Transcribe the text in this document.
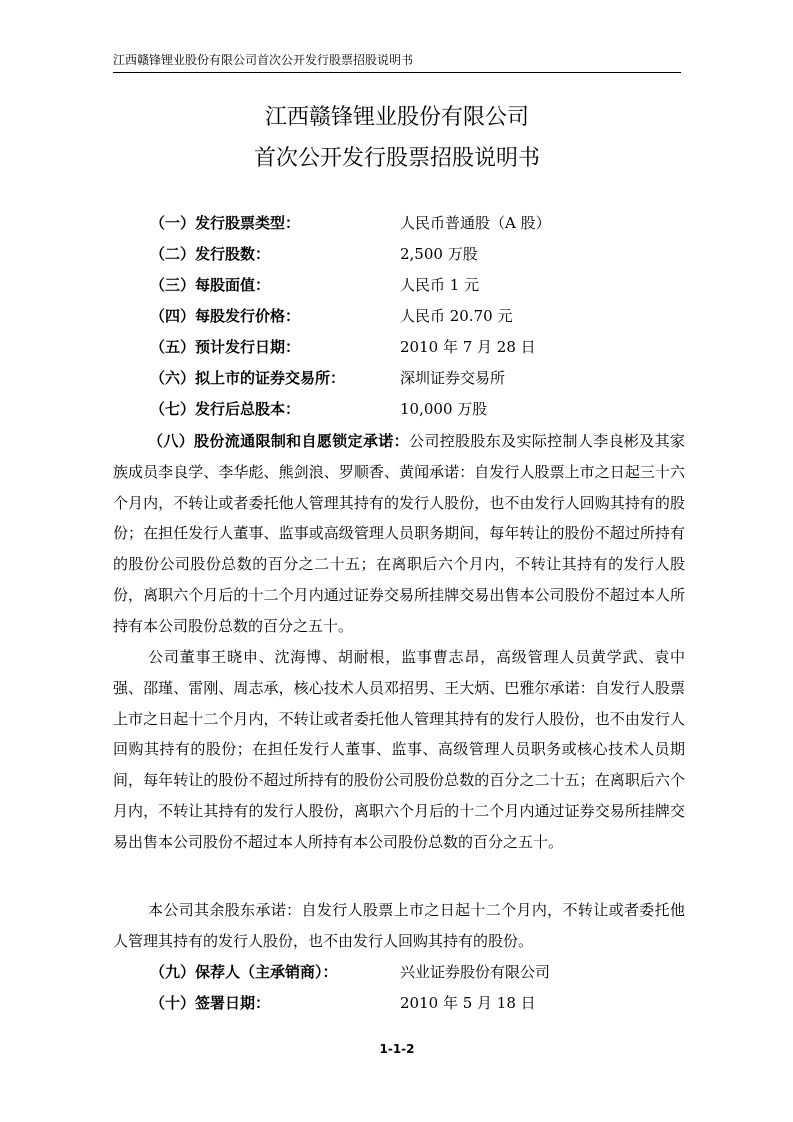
江西赣锋锂业股份有限公司首次公开发行股票招股说明书
江西赣锋锂业股份有限公司
首次公开发行股票招股说明书
（一）发行股票类型：	人民币普通股（A 股）
（二）发行股数：	2,500 万股
（三）每股面值：	人民币 1 元
（四）每股发行价格：	人民币 20.70 元
（五）预计发行日期：	2010 年 7 月 28 日
（六）拟上市的证券交易所：	深圳证券交易所
（七）发行后总股本：	10,000 万股

（八）股份流通限制和自愿锁定承诺：公司控股股东及实际控制人李良彬及其家族成员李良学、李华彪、熊剑浪、罗顺香、黄闻承诺：自发行人股票上市之日起三十六个月内，不转让或者委托他人管理其持有的发行人股份，也不由发行人回购其持有的股份；在担任发行人董事、监事或高级管理人员职务期间，每年转让的股份不超过所持有的股份公司股份总数的百分之二十五；在离职后六个月内，不转让其持有的发行人股份，离职六个月后的十二个月内通过证券交易所挂牌交易出售本公司股份不超过本人所持有本公司股份总数的百分之五十。

公司董事王晓申、沈海博、胡耐根，监事曹志昂，高级管理人员黄学武、袁中强、邵瑾、雷刚、周志承，核心技术人员邓招男、王大炳、巴雅尔承诺：自发行人股票上市之日起十二个月内，不转让或者委托他人管理其持有的发行人股份，也不由发行人回购其持有的股份；在担任发行人董事、监事、高级管理人员职务或核心技术人员期间，每年转让的股份不超过所持有的股份公司股份总数的百分之二十五；在离职后六个月内，不转让其持有的发行人股份，离职六个月后的十二个月内通过证券交易所挂牌交易出售本公司股份不超过本人所持有本公司股份总数的百分之五十。

本公司其余股东承诺：自发行人股票上市之日起十二个月内，不转让或者委托他人管理其持有的发行人股份，也不由发行人回购其持有的股份。

（九）保荐人（主承销商）：	兴业证券股份有限公司
（十）签署日期：	2010 年 5 月 18 日
1-1-2
